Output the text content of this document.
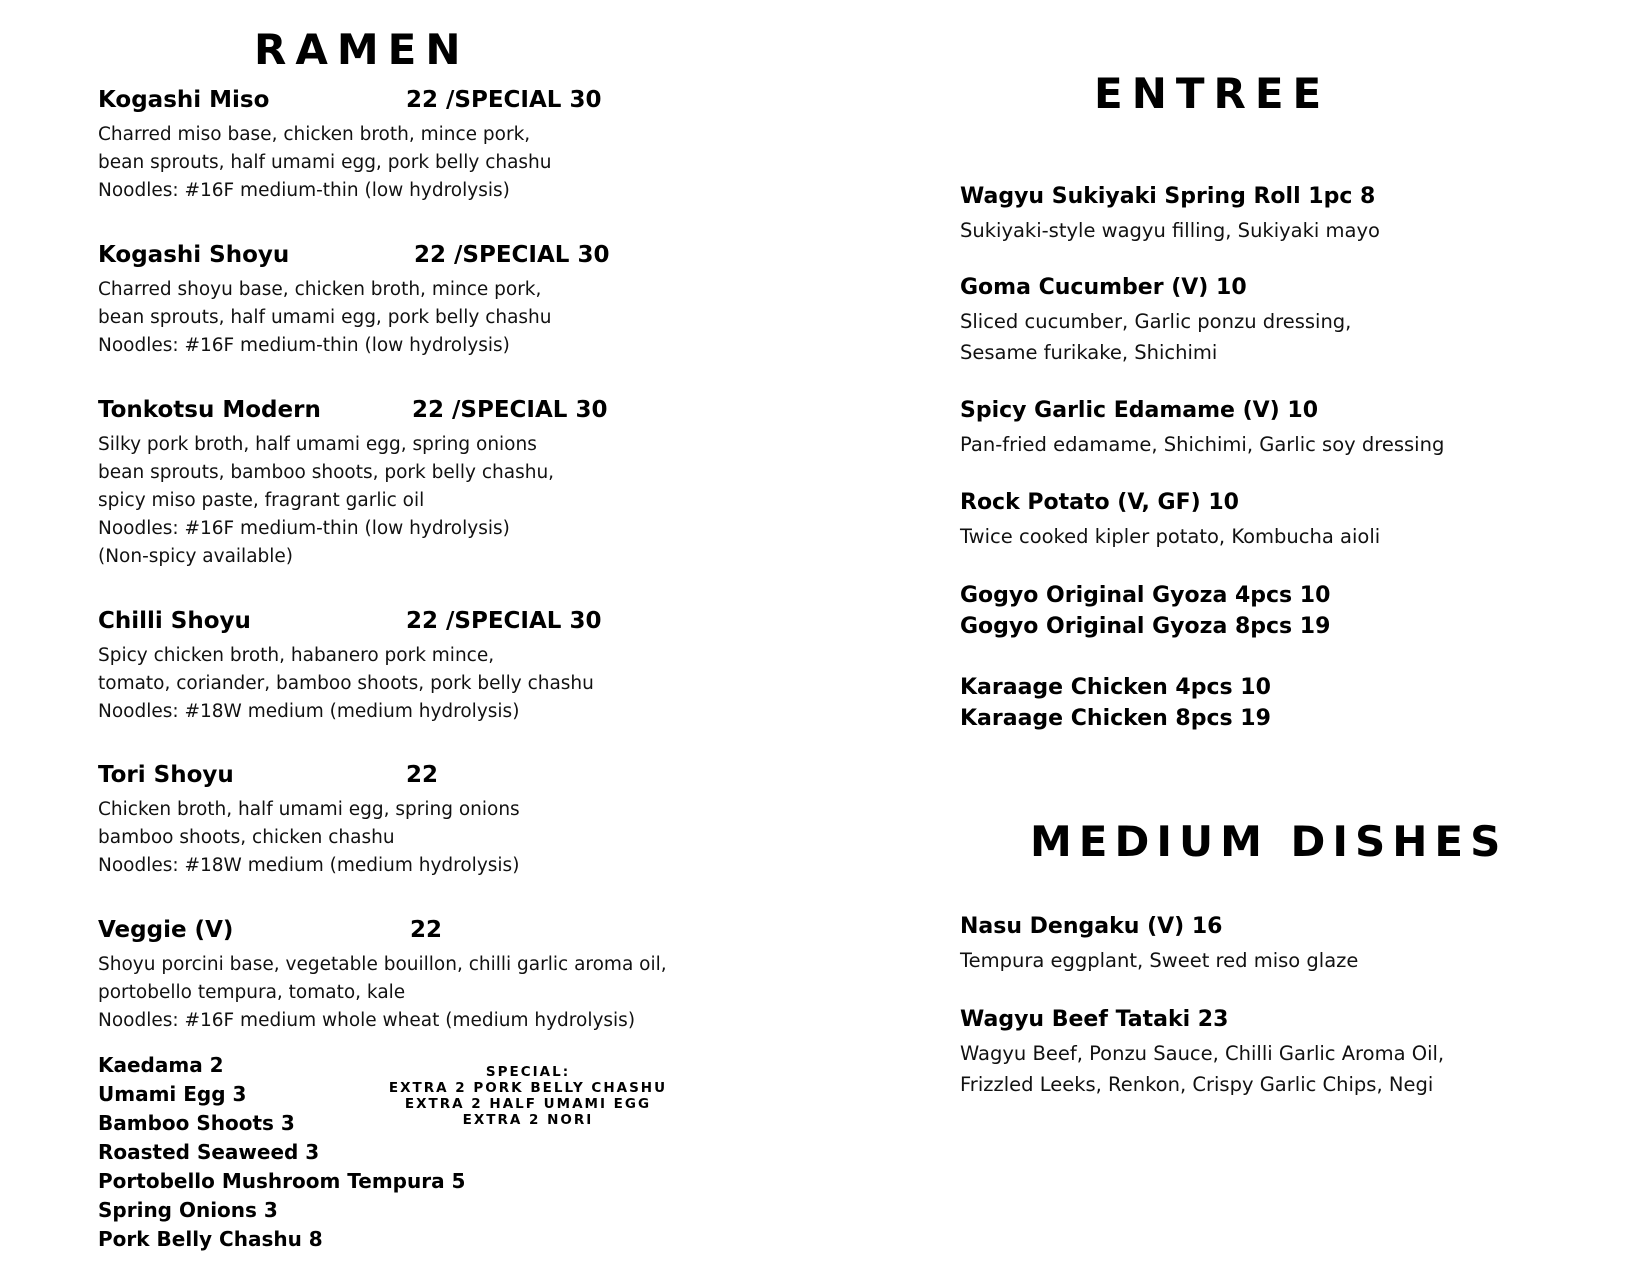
RAMEN
Kogashi Miso	22 /SPECIAL 30
Charred miso base, chicken broth, mince pork,
bean sprouts, half umami egg, pork belly chashu
Noodles: #16F medium-thin (low hydrolysis)
Kogashi Shoyu	22 /SPECIAL 30
Charred shoyu base, chicken broth, mince pork,
bean sprouts, half umami egg, pork belly chashu
Noodles: #16F medium-thin (low hydrolysis)
Tonkotsu Modern	22 /SPECIAL 30
Silky pork broth, half umami egg, spring onions
bean sprouts, bamboo shoots, pork belly chashu,
spicy miso paste, fragrant garlic oil
Noodles: #16F medium-thin (low hydrolysis)
(Non-spicy available)
Chilli Shoyu	22 /SPECIAL 30
Spicy chicken broth, habanero pork mince,
tomato, coriander, bamboo shoots, pork belly chashu
Noodles: #18W medium (medium hydrolysis)
Tori Shoyu	22
Chicken broth, half umami egg, spring onions
bamboo shoots, chicken chashu
Noodles: #18W medium (medium hydrolysis)
Veggie (V)	22
Shoyu porcini base, vegetable bouillon, chilli garlic aroma oil,
portobello tempura, tomato, kale
Noodles: #16F medium whole wheat (medium hydrolysis)
Kaedama 2
Umami Egg 3
Bamboo Shoots 3
Roasted Seaweed 3
Portobello Mushroom Tempura 5
Spring Onions 3
Pork Belly Chashu 8
SPECIAL:
EXTRA 2 PORK BELLY CHASHU
EXTRA 2 HALF UMAMI EGG
EXTRA 2 NORI
ENTREE
Wagyu Sukiyaki Spring Roll 1pc 8
Sukiyaki-style wagyu filling, Sukiyaki mayo
Goma Cucumber (V) 10
Sliced cucumber, Garlic ponzu dressing,
Sesame furikake, Shichimi
Spicy Garlic Edamame (V) 10
Pan-fried edamame, Shichimi, Garlic soy dressing
Rock Potato (V, GF) 10
Twice cooked kipler potato, Kombucha aioli
Gogyo Original Gyoza 4pcs 10
Gogyo Original Gyoza 8pcs 19
Karaage Chicken 4pcs 10
Karaage Chicken 8pcs 19
MEDIUM DISHES
Nasu Dengaku (V) 16
Tempura eggplant, Sweet red miso glaze
Wagyu Beef Tataki 23
Wagyu Beef, Ponzu Sauce, Chilli Garlic Aroma Oil,
Frizzled Leeks, Renkon, Crispy Garlic Chips, Negi
